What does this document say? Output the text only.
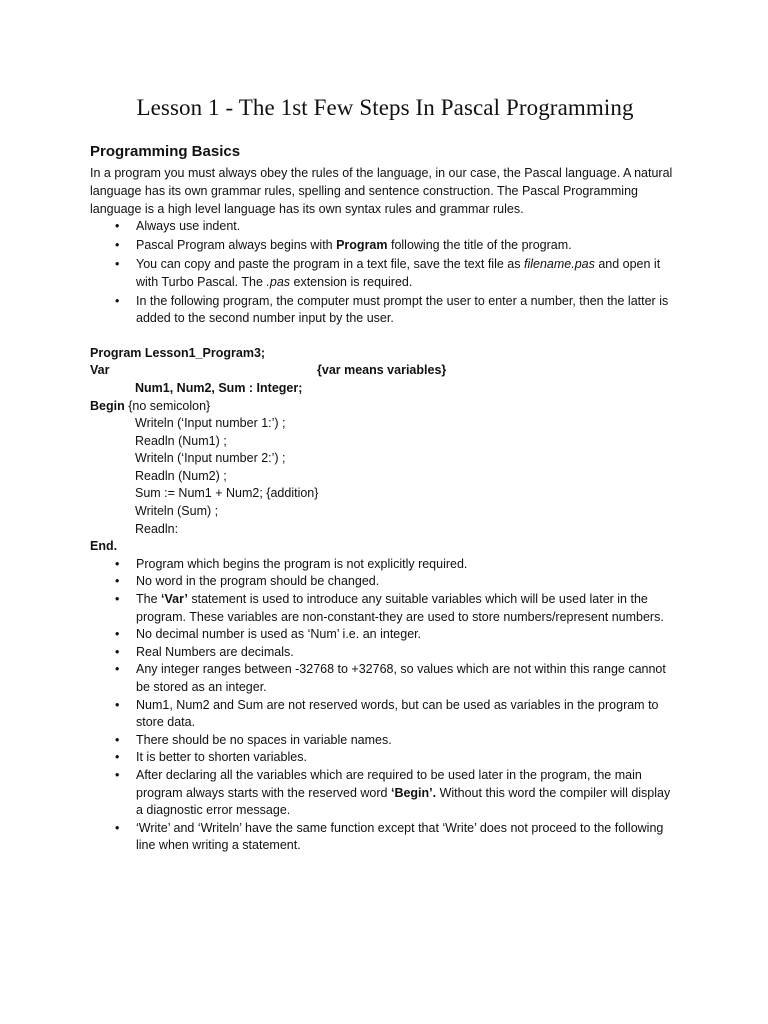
Lesson 1 - The 1st Few Steps In Pascal Programming
Programming Basics

In a program you must always obey the rules of the language, in our case, the Pascal language. A natural language has its own grammar rules, spelling and sentence construction. The Pascal Programming language is a high level language has its own syntax rules and grammar rules.

• Always use indent.
• Pascal Program always begins with Program following the title of the program.
• You can copy and paste the program in a text file, save the text file as filename.pas and open it with Turbo Pascal. The .pas extension is required.
• In the following program, the computer must prompt the user to enter a number, then the latter is added to the second number input by the user.
Program Lesson1_Program3;
Var	{var means variables}
Num1, Num2, Sum : Integer;
Begin {no semicolon}
Writeln (‘Input number 1:’) ;
Readln (Num1) ;
Writeln (‘Input number 2:’) ;
Readln (Num2) ;
Sum := Num1 + Num2; {addition}
Writeln (Sum) ;
Readln:
End.
• Program which begins the program is not explicitly required.
• No word in the program should be changed.
• The ‘Var’ statement is used to introduce any suitable variables which will be used later in the program. These variables are non-constant-they are used to store numbers/represent numbers.
• No decimal number is used as ‘Num’ i.e. an integer.
• Real Numbers are decimals.
• Any integer ranges between -32768 to +32768, so values which are not within this range cannot be stored as an integer.
• Num1, Num2 and Sum are not reserved words, but can be used as variables in the program to store data.
• There should be no spaces in variable names.
• It is better to shorten variables.
• After declaring all the variables which are required to be used later in the program, the main program always starts with the reserved word ‘Begin’. Without this word the compiler will display a diagnostic error message.
• ‘Write’ and ‘Writeln’ have the same function except that ‘Write’ does not proceed to the following line when writing a statement.
